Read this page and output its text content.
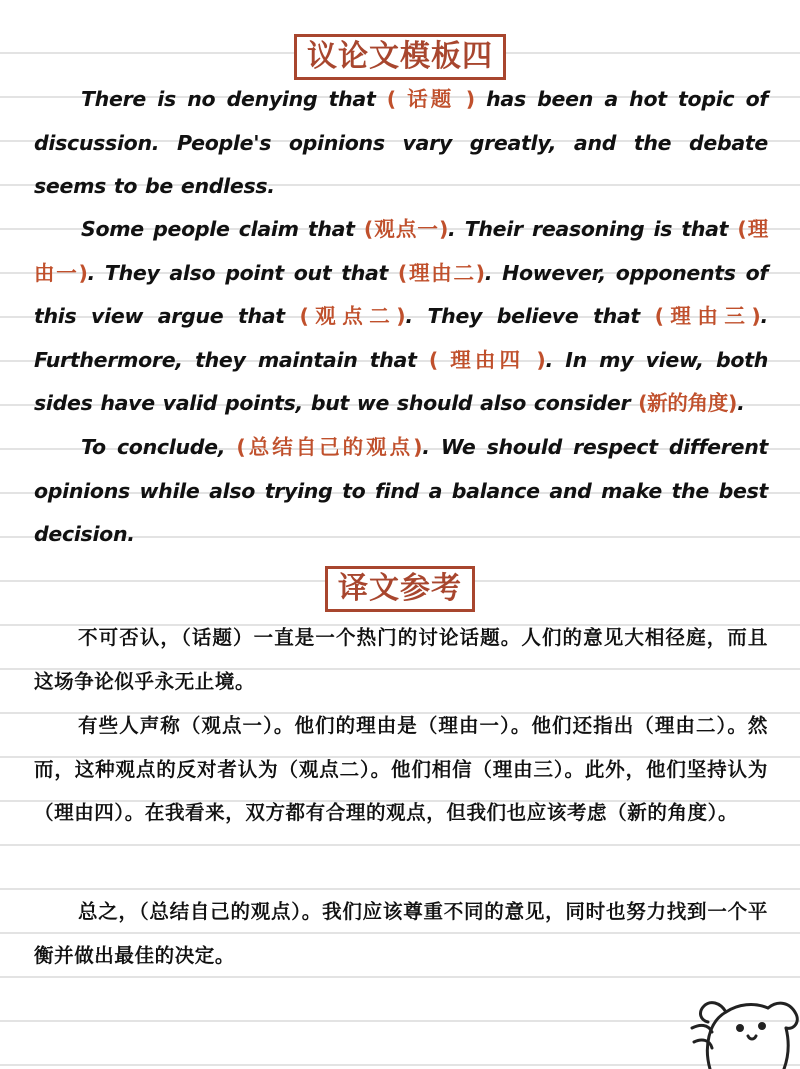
议论文模板四

There is no denying that ( 话题 ) has been a hot topic of discussion. People's opinions vary greatly, and the debate seems to be endless.

Some people claim that (观点一). Their reasoning is that (理由一). They also point out that (理由二). However, opponents of this view argue that (观点二). They believe that (理由三). Furthermore, they maintain that ( 理由四 ). In my view, both sides have valid points, but we should also consider (新的角度).

To conclude, (总结自己的观点). We should respect different opinions while also trying to find a balance and make the best decision.

译文参考

不可否认，（话题）一直是一个热门的讨论话题。人们的意见大相径庭，而且这场争论似乎永无止境。

有些人声称（观点一）。他们的理由是（理由一）。他们还指出（理由二）。然而，这种观点的反对者认为（观点二）。他们相信（理由三）。此外，他们坚持认为（理由四）。在我看来，双方都有合理的观点，但我们也应该考虑（新的角度）。

总之，（总结自己的观点）。我们应该尊重不同的意见，同时也努力找到一个平衡并做出最佳的决定。
